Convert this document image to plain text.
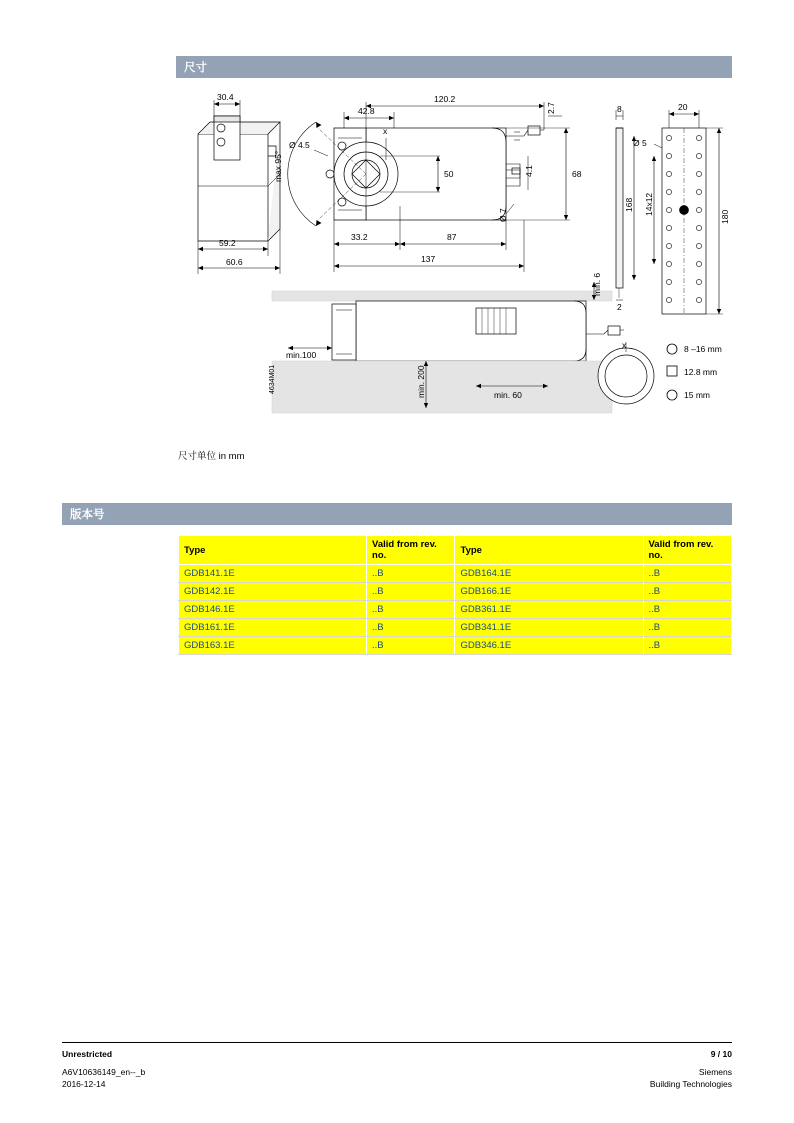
尺寸
30.4
59.2
60.6
42.8
120.2
2.7
max 95°
Ø 4.5
x
50	68
4.1
33.2	87
137
Ø 7
8
168
2
20
Ø 5
14x12
180
min.100
min. 6
min. 200	min. 60
x
4634M01
8 –16 mm
12.8 mm
15 mm
尺寸单位 in mm
版本号
Type	Valid from rev. no.	Type	Valid from rev. no.
GDB141.1E	..B	GDB164.1E	..B
GDB142.1E	..B	GDB166.1E	..B
GDB146.1E	..B	GDB361.1E	..B
GDB161.1E	..B	GDB341.1E	..B
GDB163.1E	..B	GDB346.1E	..B
Unrestricted	9 / 10
A6V10636149_en--_b	Siemens
2016-12-14	Building Technologies
